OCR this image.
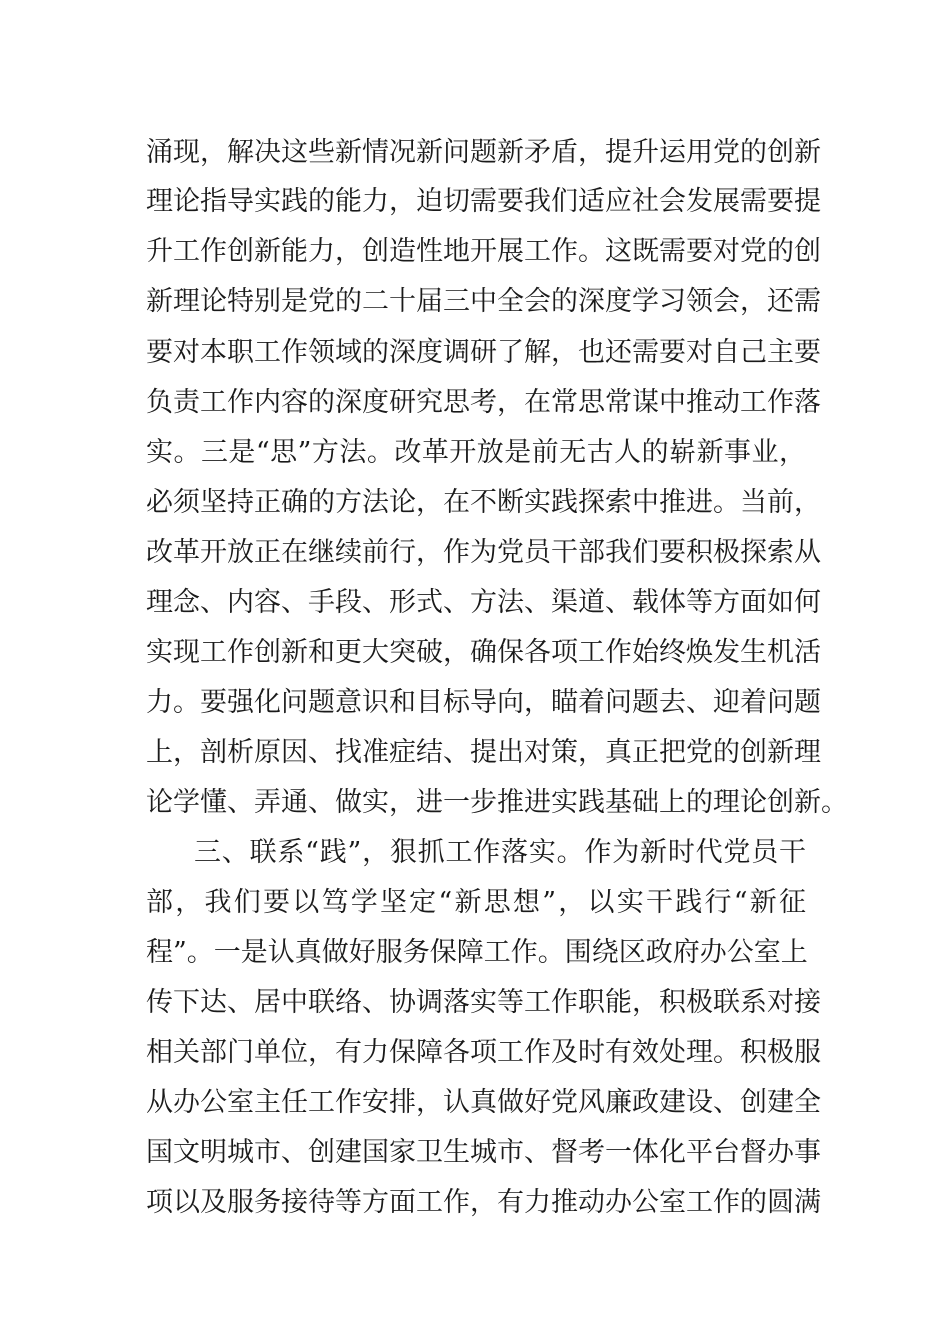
涌现，解决这些新情况新问题新矛盾，提升运用党的创新
理论指导实践的能力，迫切需要我们适应社会发展需要提
升工作创新能力，创造性地开展工作。这既需要对党的创
新理论特别是党的二十届三中全会的深度学习领会，还需
要对本职工作领域的深度调研了解，也还需要对自己主要
负责工作内容的深度研究思考，在常思常谋中推动工作落
实。三是“思”方法。改革开放是前无古人的崭新事业，
必须坚持正确的方法论，在不断实践探索中推进。当前，
改革开放正在继续前行，作为党员干部我们要积极探索从
理念、内容、手段、形式、方法、渠道、载体等方面如何
实现工作创新和更大突破，确保各项工作始终焕发生机活
力。要强化问题意识和目标导向，瞄着问题去、迎着问题
上，剖析原因、找准症结、提出对策，真正把党的创新理
论学懂、弄通、做实，进一步推进实践基础上的理论创新。
三、联系“践”，狠抓工作落实。作为新时代党员干
部，我们要以笃学坚定“新思想”，以实干践行“新征
程”。一是认真做好服务保障工作。围绕区政府办公室上
传下达、居中联络、协调落实等工作职能，积极联系对接
相关部门单位，有力保障各项工作及时有效处理。积极服
从办公室主任工作安排，认真做好党风廉政建设、创建全
国文明城市、创建国家卫生城市、督考一体化平台督办事
项以及服务接待等方面工作，有力推动办公室工作的圆满
